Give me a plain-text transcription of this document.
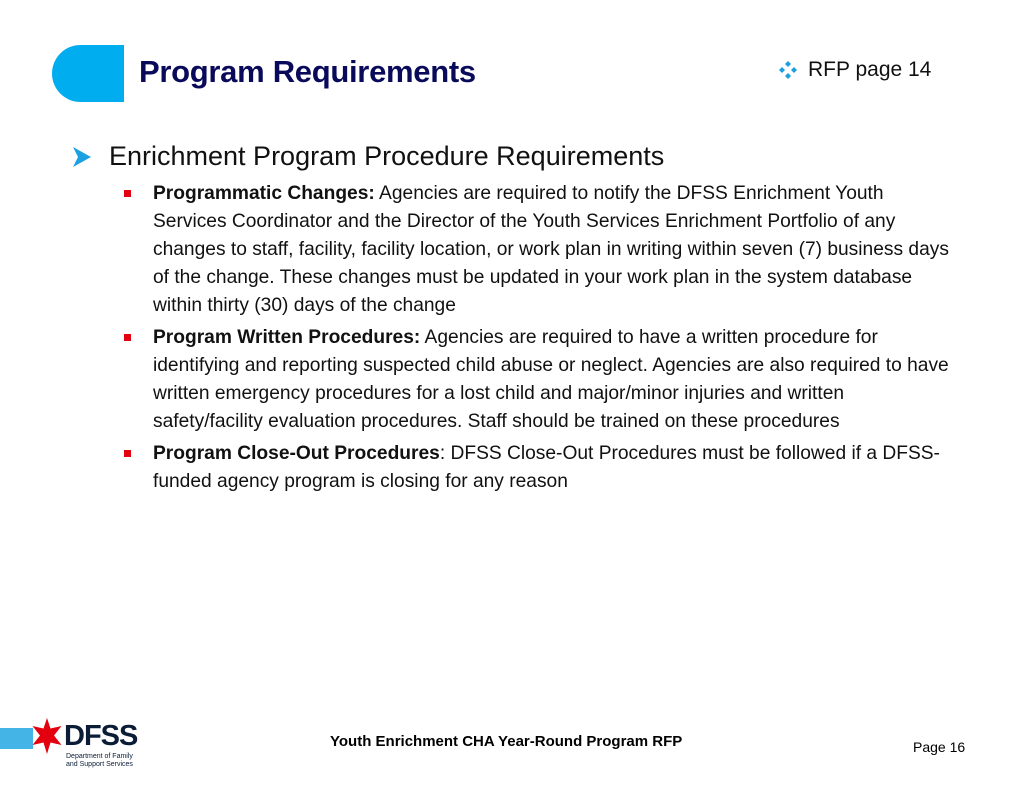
Program Requirements	RFP page 14
Enrichment Program Procedure Requirements
Programmatic Changes: Agencies are required to notify the DFSS Enrichment Youth Services Coordinator and the Director of the Youth Services Enrichment Portfolio of any changes to staff, facility, facility location, or work plan in writing within seven (7) business days of the change. These changes must be updated in your work plan in the system database within thirty (30) days of the change
Program Written Procedures: Agencies are required to have a written procedure for identifying and reporting suspected child abuse or neglect. Agencies are also required to have written emergency procedures for a lost child and major/minor injuries and written safety/facility evaluation procedures. Staff should be trained on these procedures
Program Close-Out Procedures: DFSS Close-Out Procedures must be followed if a DFSS-funded agency program is closing for any reason
DFSS
Department of Family and Support Services
Youth Enrichment CHA Year-Round Program RFP	Page 16
